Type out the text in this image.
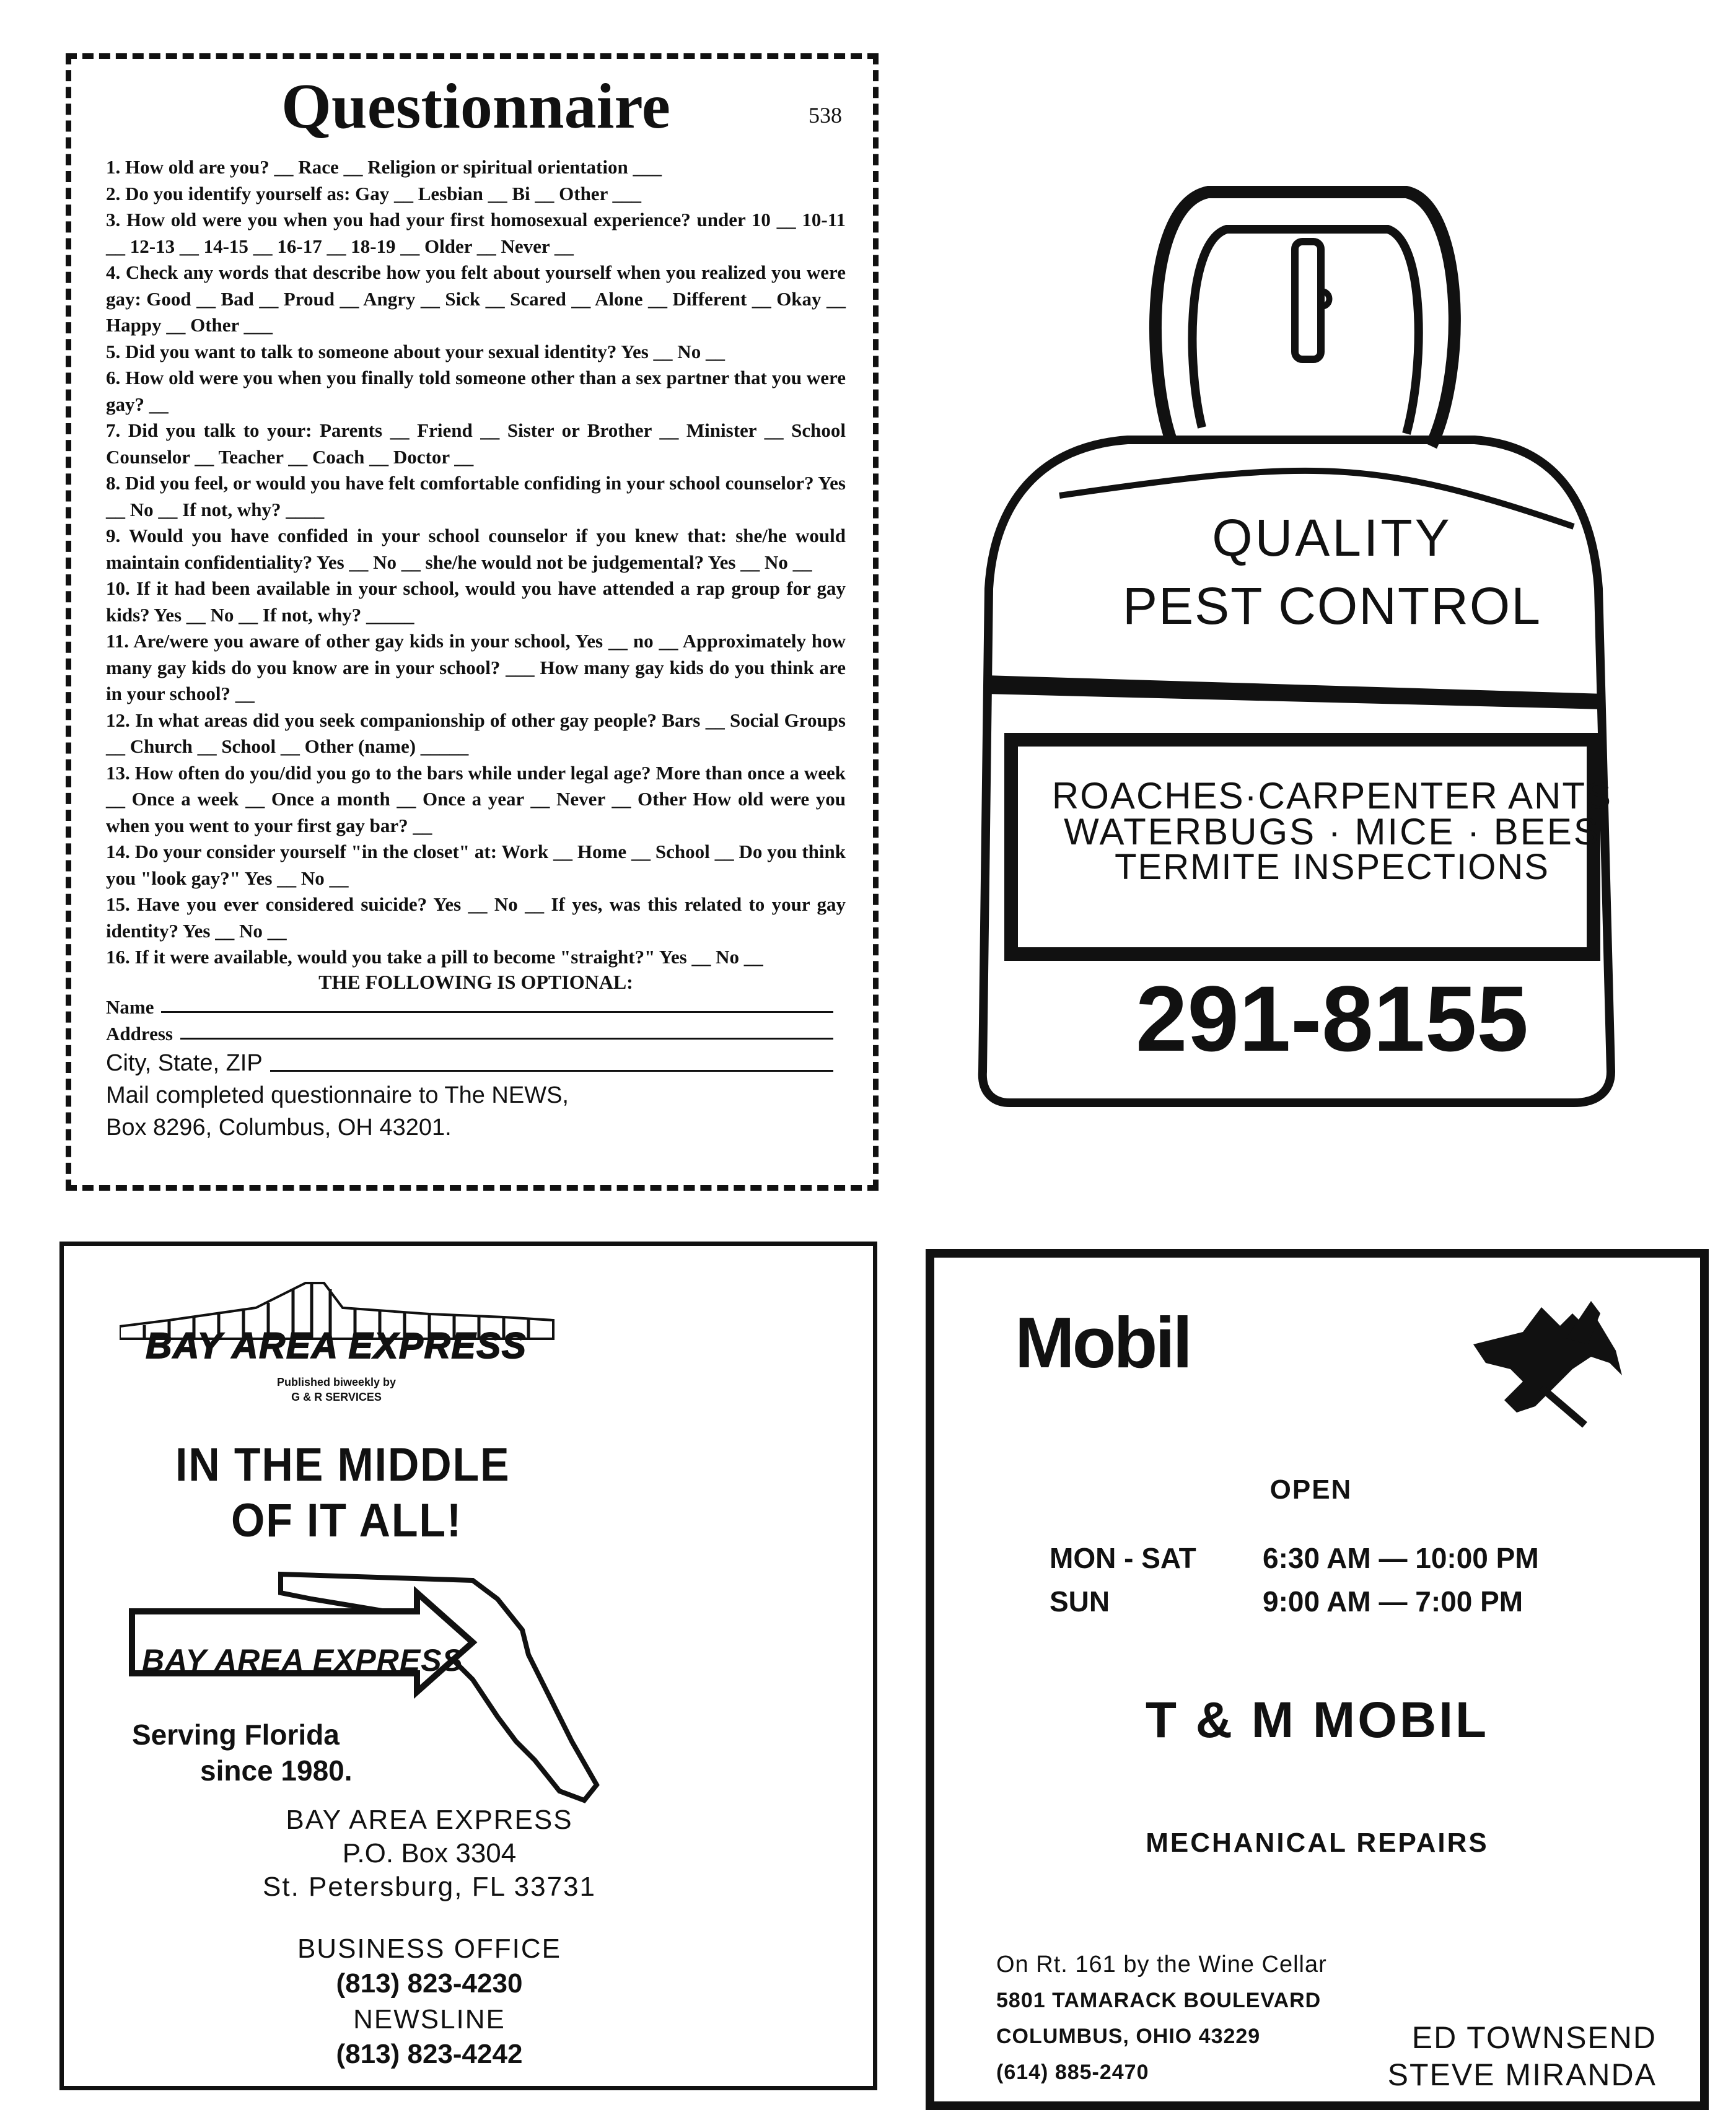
Questionnaire	538

1. How old are you? __ Race __ Religion or spiritual orientation ___

2. Do you identify yourself as: Gay __ Lesbian __ Bi __ Other ___

3. How old were you when you had your first homosexual experience? under 10 __ 10-11 __ 12-13 __ 14-15 __ 16-17 __ 18-19 __ Older __ Never __

4. Check any words that describe how you felt about yourself when you realized you were gay: Good __ Bad __ Proud __ Angry __ Sick __ Scared __ Alone __ Different __ Okay __ Happy __ Other ___

5. Did you want to talk to someone about your sexual identity? Yes __ No __

6. How old were you when you finally told someone other than a sex partner that you were gay? __

7. Did you talk to your: Parents __ Friend __ Sister or Brother __ Minister __ School Counselor __ Teacher __ Coach __ Doctor __

8. Did you feel, or would you have felt comfortable confiding in your school counselor? Yes __ No __ If not, why? ____

9. Would you have confided in your school counselor if you knew that: she/he would maintain confidentiality? Yes __ No __ she/he would not be judgemental? Yes __ No __

10. If it had been available in your school, would you have attended a rap group for gay kids? Yes __ No __ If not, why? _____

11. Are/were you aware of other gay kids in your school, Yes __ no __ Approximately how many gay kids do you know are in your school? ___ How many gay kids do you think are in your school? __

12. In what areas did you seek companionship of other gay people? Bars __ Social Groups __ Church __ School __ Other (name) _____

13. How often do you/did you go to the bars while under legal age? More than once a week __ Once a week __ Once a month __ Once a year __ Never __ Other How old were you when you went to your first gay bar? __

14. Do your consider yourself "in the closet" at: Work __ Home __ School __ Do you think you "look gay?" Yes __ No __

15. Have you ever considered suicide? Yes __ No __ If yes, was this related to your gay identity? Yes __ No __

16. If it were available, would you take a pill to become "straight?" Yes __ No __

THE FOLLOWING IS OPTIONAL:
Name
Address
City, State, ZIP
Mail completed questionnaire to The NEWS,
Box 8296, Columbus, OH 43201.
QUALITY
PEST CONTROL
ROACHES·CARPENTER ANTS
WATERBUGS · MICE · BEES
TERMITE INSPECTIONS
291-8155
BAY AREA EXPRESS
Published biweekly by
G & R SERVICES
IN THE MIDDLE
OF IT ALL!
BAY AREA EXPRESS
Serving Florida
since 1980.
BAY AREA EXPRESS
P.O. Box 3304
St. Petersburg, FL 33731
BUSINESS OFFICE
(813) 823-4230
NEWSLINE
(813) 823-4242
Mobil
OPEN
MON - SAT 6:30 AM — 10:00 PM
SUN	9:00 AM — 7:00 PM
T & M MOBIL
MECHANICAL REPAIRS
On Rt. 161 by the Wine Cellar
5801 TAMARACK BOULEVARD
COLUMBUS, OHIO 43229
(614) 885-2470
ED TOWNSEND
STEVE MIRANDA
